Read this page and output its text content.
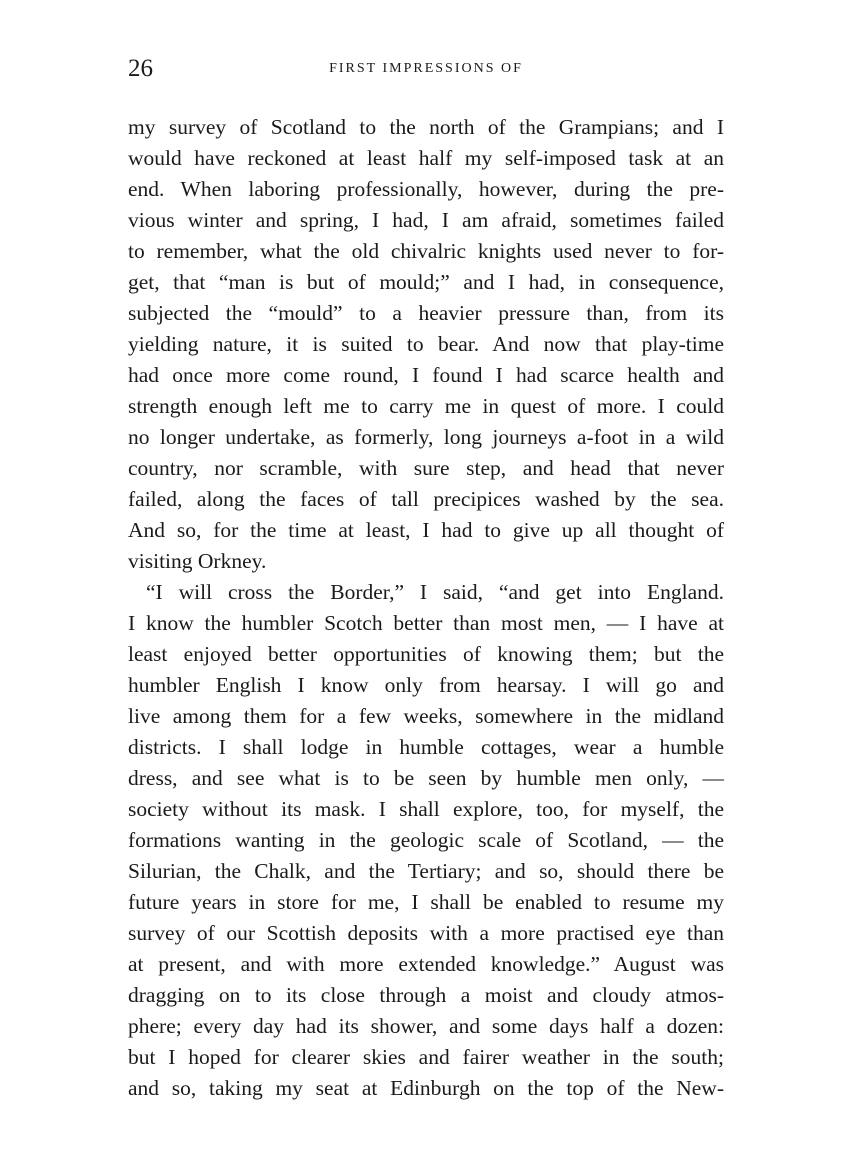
26	FIRST IMPRESSIONS OF
my survey of Scotland to the north of the Grampians; and I
would have reckoned at least half my self-imposed task at an
end. When laboring professionally, however, during the pre-
vious winter and spring, I had, I am afraid, sometimes failed
to remember, what the old chivalric knights used never to for-
get, that “man is but of mould;” and I had, in consequence,
subjected the “mould” to a heavier pressure than, from its
yielding nature, it is suited to bear. And now that play-time
had once more come round, I found I had scarce health and
strength enough left me to carry me in quest of more. I could
no longer undertake, as formerly, long journeys a-foot in a wild
country, nor scramble, with sure step, and head that never
failed, along the faces of tall precipices washed by the sea.
And so, for the time at least, I had to give up all thought of
visiting Orkney.
“I will cross the Border,” I said, “and get into England.
I know the humbler Scotch better than most men, — I have at
least enjoyed better opportunities of knowing them; but the
humbler English I know only from hearsay. I will go and
live among them for a few weeks, somewhere in the midland
districts. I shall lodge in humble cottages, wear a humble
dress, and see what is to be seen by humble men only, —
society without its mask. I shall explore, too, for myself, the
formations wanting in the geologic scale of Scotland, — the
Silurian, the Chalk, and the Tertiary; and so, should there be
future years in store for me, I shall be enabled to resume my
survey of our Scottish deposits with a more practised eye than
at present, and with more extended knowledge.” August was
dragging on to its close through a moist and cloudy atmos-
phere; every day had its shower, and some days half a dozen:
but I hoped for clearer skies and fairer weather in the south;
and so, taking my seat at Edinburgh on the top of the New-
